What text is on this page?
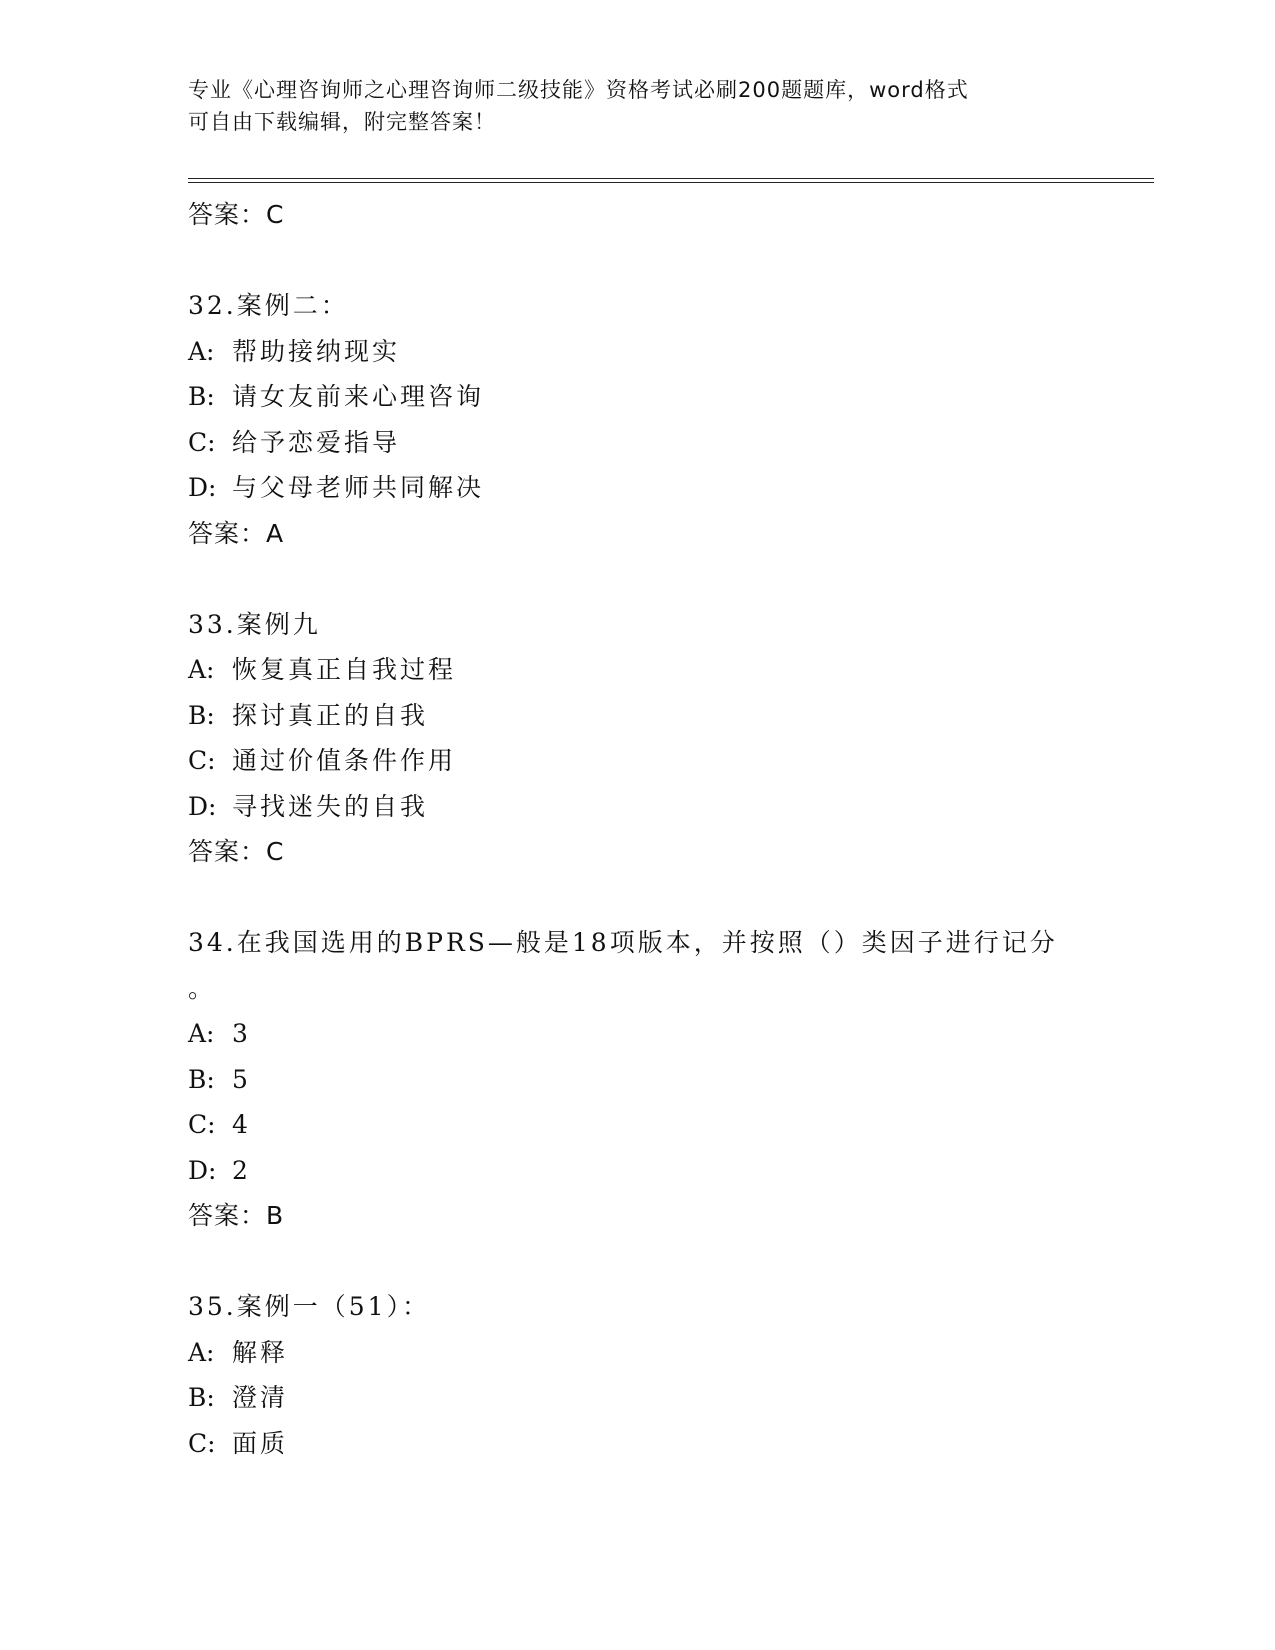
专业《心理咨询师之心理咨询师二级技能》资格考试必刷200题题库，word格式
可自由下载编辑，附完整答案！
答案：C
32.案例二：
A: 帮助接纳现实
B: 请女友前来心理咨询
C: 给予恋爱指导
D: 与父母老师共同解决
答案：A
33.案例九
A: 恢复真正自我过程
B: 探讨真正的自我
C: 通过价值条件作用
D: 寻找迷失的自我
答案：C
34.在我国选用的BPRS—般是18项版本，并按照（）类因子进行记分
。
A: 3
B: 5
C: 4
D: 2
答案：B
35.案例一（51）：
A: 解释
B: 澄清
C: 面质
